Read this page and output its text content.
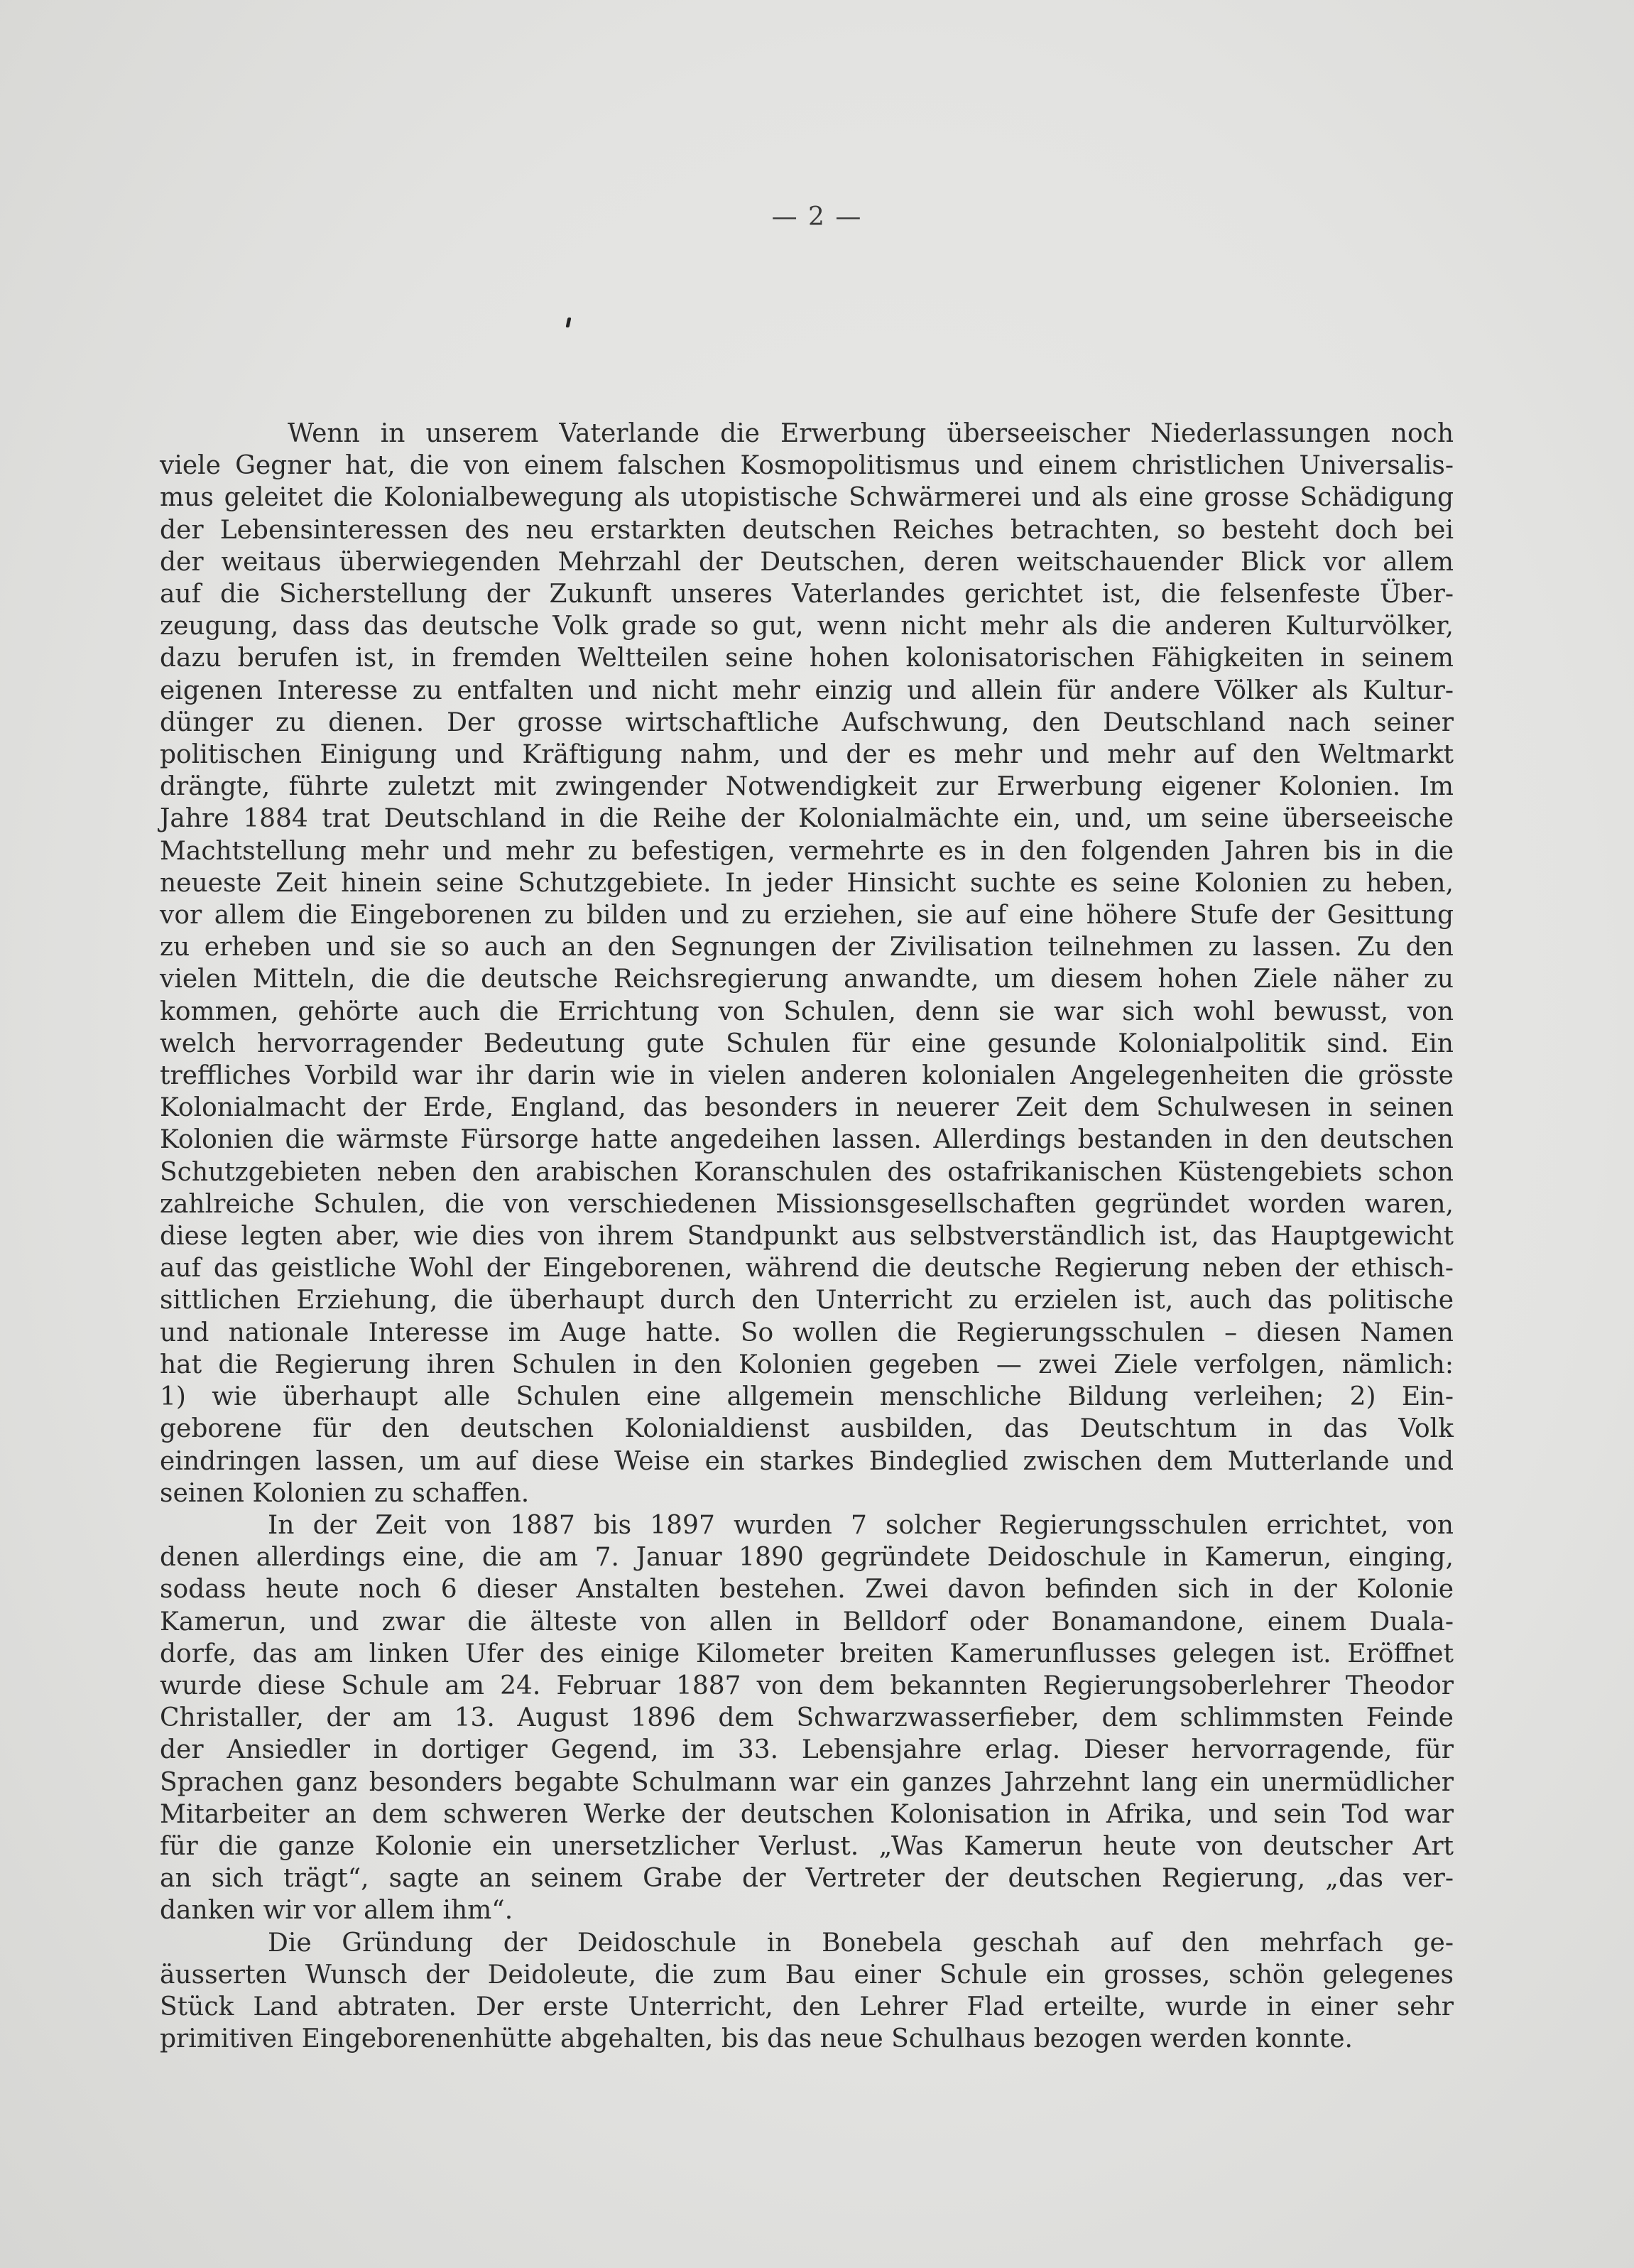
— 2 —
Wenn in unserem Vaterlande die Erwerbung überseeischer Niederlassungen noch
viele Gegner hat, die von einem falschen Kosmopolitismus und einem christlichen Universalis-
mus geleitet die Kolonialbewegung als utopistische Schwärmerei und als eine grosse Schädigung
der Lebensinteressen des neu erstarkten deutschen Reiches betrachten, so besteht doch bei
der weitaus überwiegenden Mehrzahl der Deutschen, deren weitschauender Blick vor allem
auf die Sicherstellung der Zukunft unseres Vaterlandes gerichtet ist, die felsenfeste Über-
zeugung, dass das deutsche Volk grade so gut, wenn nicht mehr als die anderen Kulturvölker,
dazu berufen ist, in fremden Weltteilen seine hohen kolonisatorischen Fähigkeiten in seinem
eigenen Interesse zu entfalten und nicht mehr einzig und allein für andere Völker als Kultur-
dünger zu dienen. Der grosse wirtschaftliche Aufschwung, den Deutschland nach seiner
politischen Einigung und Kräftigung nahm, und der es mehr und mehr auf den Weltmarkt
drängte, führte zuletzt mit zwingender Notwendigkeit zur Erwerbung eigener Kolonien. Im
Jahre 1884 trat Deutschland in die Reihe der Kolonialmächte ein, und, um seine überseeische
Machtstellung mehr und mehr zu befestigen, vermehrte es in den folgenden Jahren bis in die
neueste Zeit hinein seine Schutzgebiete. In jeder Hinsicht suchte es seine Kolonien zu heben,
vor allem die Eingeborenen zu bilden und zu erziehen, sie auf eine höhere Stufe der Gesittung
zu erheben und sie so auch an den Segnungen der Zivilisation teilnehmen zu lassen. Zu den
vielen Mitteln, die die deutsche Reichsregierung anwandte, um diesem hohen Ziele näher zu
kommen, gehörte auch die Errichtung von Schulen, denn sie war sich wohl bewusst, von
welch hervorragender Bedeutung gute Schulen für eine gesunde Kolonialpolitik sind. Ein
treffliches Vorbild war ihr darin wie in vielen anderen kolonialen Angelegenheiten die grösste
Kolonialmacht der Erde, England, das besonders in neuerer Zeit dem Schulwesen in seinen
Kolonien die wärmste Fürsorge hatte angedeihen lassen. Allerdings bestanden in den deutschen
Schutzgebieten neben den arabischen Koranschulen des ostafrikanischen Küstengebiets schon
zahlreiche Schulen, die von verschiedenen Missionsgesellschaften gegründet worden waren,
diese legten aber, wie dies von ihrem Standpunkt aus selbstverständlich ist, das Hauptgewicht
auf das geistliche Wohl der Eingeborenen, während die deutsche Regierung neben der ethisch-
sittlichen Erziehung, die überhaupt durch den Unterricht zu erzielen ist, auch das politische
und nationale Interesse im Auge hatte. So wollen die Regierungsschulen – diesen Namen
hat die Regierung ihren Schulen in den Kolonien gegeben — zwei Ziele verfolgen, nämlich:
1) wie überhaupt alle Schulen eine allgemein menschliche Bildung verleihen; 2) Ein-
geborene für den deutschen Kolonialdienst ausbilden, das Deutschtum in das Volk
eindringen lassen, um auf diese Weise ein starkes Bindeglied zwischen dem Mutterlande und
seinen Kolonien zu schaffen.
In der Zeit von 1887 bis 1897 wurden 7 solcher Regierungsschulen errichtet, von
denen allerdings eine, die am 7. Januar 1890 gegründete Deidoschule in Kamerun, einging,
sodass heute noch 6 dieser Anstalten bestehen. Zwei davon befinden sich in der Kolonie
Kamerun, und zwar die älteste von allen in Belldorf oder Bonamandone, einem Duala-
dorfe, das am linken Ufer des einige Kilometer breiten Kamerunflusses gelegen ist. Eröffnet
wurde diese Schule am 24. Februar 1887 von dem bekannten Regierungsoberlehrer Theodor
Christaller, der am 13. August 1896 dem Schwarzwasserfieber, dem schlimmsten Feinde
der Ansiedler in dortiger Gegend, im 33. Lebensjahre erlag. Dieser hervorragende, für
Sprachen ganz besonders begabte Schulmann war ein ganzes Jahrzehnt lang ein unermüdlicher
Mitarbeiter an dem schweren Werke der deutschen Kolonisation in Afrika, und sein Tod war
für die ganze Kolonie ein unersetzlicher Verlust. „Was Kamerun heute von deutscher Art
an sich trägt“, sagte an seinem Grabe der Vertreter der deutschen Regierung, „das ver-
danken wir vor allem ihm“.
Die Gründung der Deidoschule in Bonebela geschah auf den mehrfach ge-
äusserten Wunsch der Deidoleute, die zum Bau einer Schule ein grosses, schön gelegenes
Stück Land abtraten. Der erste Unterricht, den Lehrer Flad erteilte, wurde in einer sehr
primitiven Eingeborenenhütte abgehalten, bis das neue Schulhaus bezogen werden konnte.
